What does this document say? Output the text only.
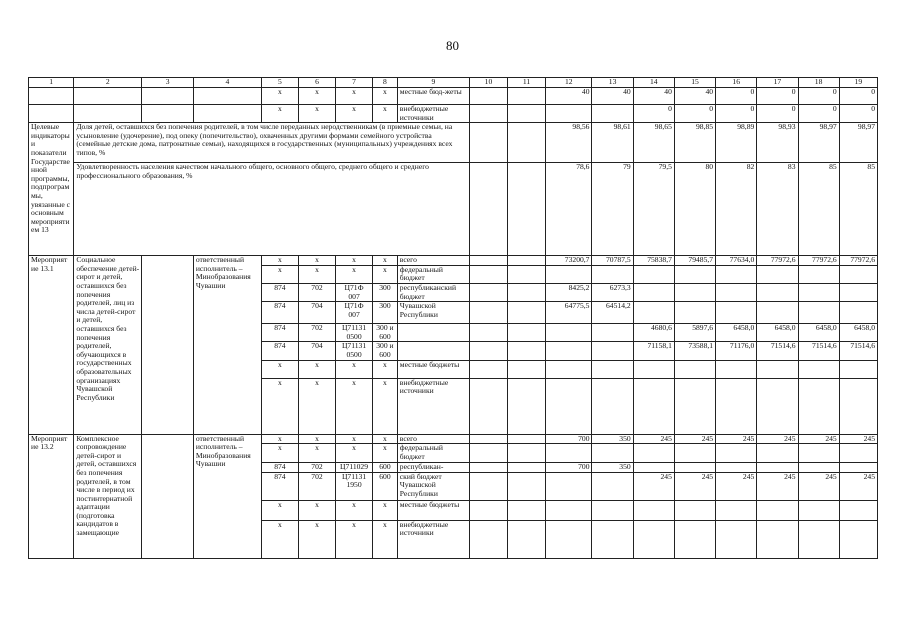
80
1	2	3	4	5	6	7	8	9	10	11	12	13	14	15	16	17	18	19
				x	x	x	x	местные бюд-жеты			40	40	40	40	0	0	0	0
				x	x	x	x	внебюджетные источники					0	0	0	0	0	0
Целевые индикаторы и показатели Государственной программы, подпрограммы, увязанные с основным мероприятием 13	Доля детей, оставшихся без попечения родителей, в том числе переданных неродственникам (в приемные семьи, на усыновление (удочерение), под опеку (попечительство), охваченных другими формами семейного устройства (семейные детские дома, патронатные семьи), находящихся в государственных (муниципальных) учреждениях всех типов, %										98,56	98,61	98,65	98,85	98,89	98,93	98,97	98,97
	Удовлетворенность населения качеством начального общего, основного общего, среднего общего и среднего профессионального образования, %										78,6	79	79,5	80	82	83	85	85
Мероприятие 13.1	Социальное обеспечение детей-сирот и детей, оставшихся без попечения родителей, лиц из числа детей-сирот и детей, оставшихся без попечения родителей, обучающихся в государственных образовательных организациях Чувашской Республики		ответственный исполнитель – Минобразования Чувашии	x	x	x	x	всего			73200,7	70787,5	75838,7	79485,7	77634,0	77972,6	77972,6	77972,6
				x	x	x	x	федеральный бюджет										
				874	702	Ц71Ф 007	300	республиканский бюджет			8425,2	6273,3						
				874	704	Ц71Ф 007	300	Чувашской Республики			64775,5	64514,2						
				874	702	Ц71131 0500	300 и 600						4680,6	5897,6	6458,0	6458,0	6458,0	6458,0
				874	704	Ц71131 0500	300 и 600						71158,1	73588,1	71176,0	71514,6	71514,6	71514,6
				x	x	x	x	местные бюджеты										
				x	x	x	x	внебюджетные источники										
Мероприятие 13.2	Комплексное сопровождение детей-сирот и детей, оставшихся без попечения родителей, в том числе в период их постинтернатной адаптации (подготовка кандидатов в замещающие		ответственный исполнитель – Минобразования Чувашии	x	x	x	x	всего			700	350	245	245	245	245	245	245
				x	x	x	x	федеральный бюджет										
				874	702	Ц711029	600	республикан-			700	350						
				874	702	Ц71131 1950	600	ский бюджет Чувашской Республики					245	245	245	245	245	245
				x	x	x	x	местные бюджеты										
				x	x	x	x	внебюджетные источники										
